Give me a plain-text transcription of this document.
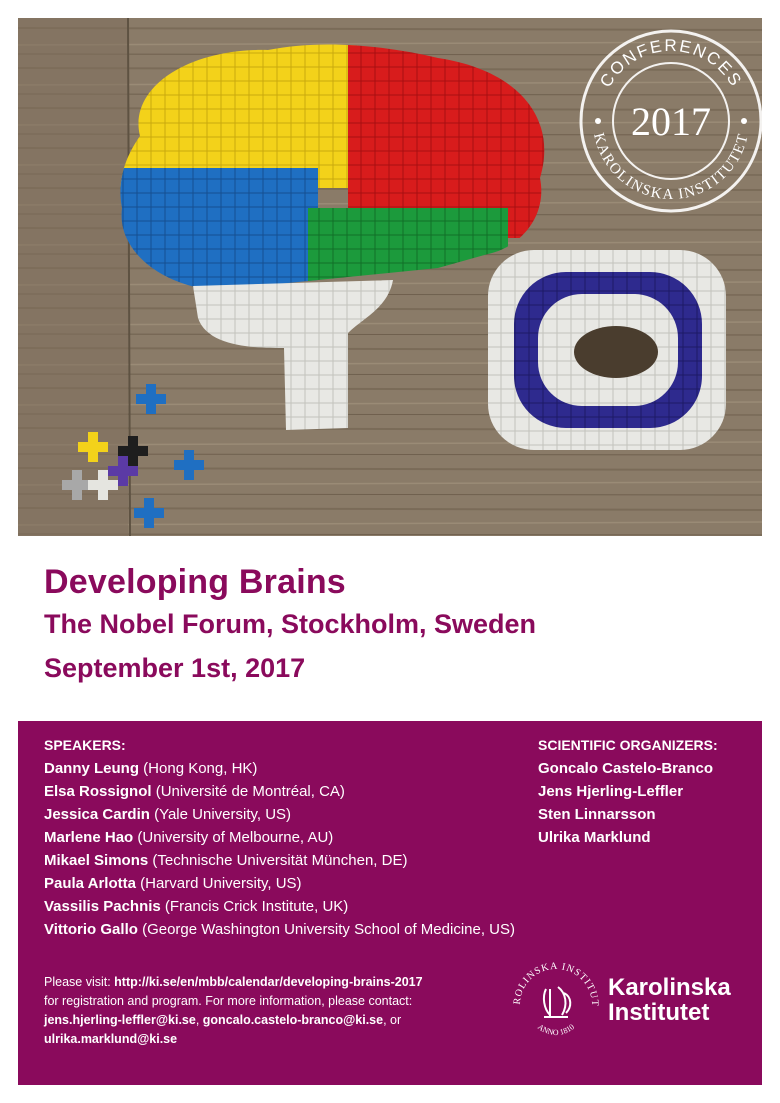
CONFERENCES
KAROLINSKA INSTITUTET
2017
Developing Brains
The Nobel Forum, Stockholm, Sweden
September 1st, 2017
SPEAKERS:
Danny Leung (Hong Kong, HK)
Elsa Rossignol (Université de Montréal, CA)
Jessica Cardin (Yale University, US)
Marlene Hao (University of Melbourne, AU)
Mikael Simons (Technische Universität München, DE)
Paula Arlotta (Harvard University, US)
Vassilis Pachnis (Francis Crick Institute, UK)
Vittorio Gallo (George Washington University School of Medicine, US)
SCIENTIFIC ORGANIZERS:
Goncalo Castelo-Branco
Jens Hjerling-Leffler
Sten Linnarsson
Ulrika Marklund
Please visit: http://ki.se/en/mbb/calendar/developing-brains-2017
for registration and program. For more information, please contact:
jens.hjerling-leffler@ki.se, goncalo.castelo-branco@ki.se, or
ulrika.marklund@ki.se
ROLINSKA INSTITUT
ANNO 1810
Karolinska
Institutet
